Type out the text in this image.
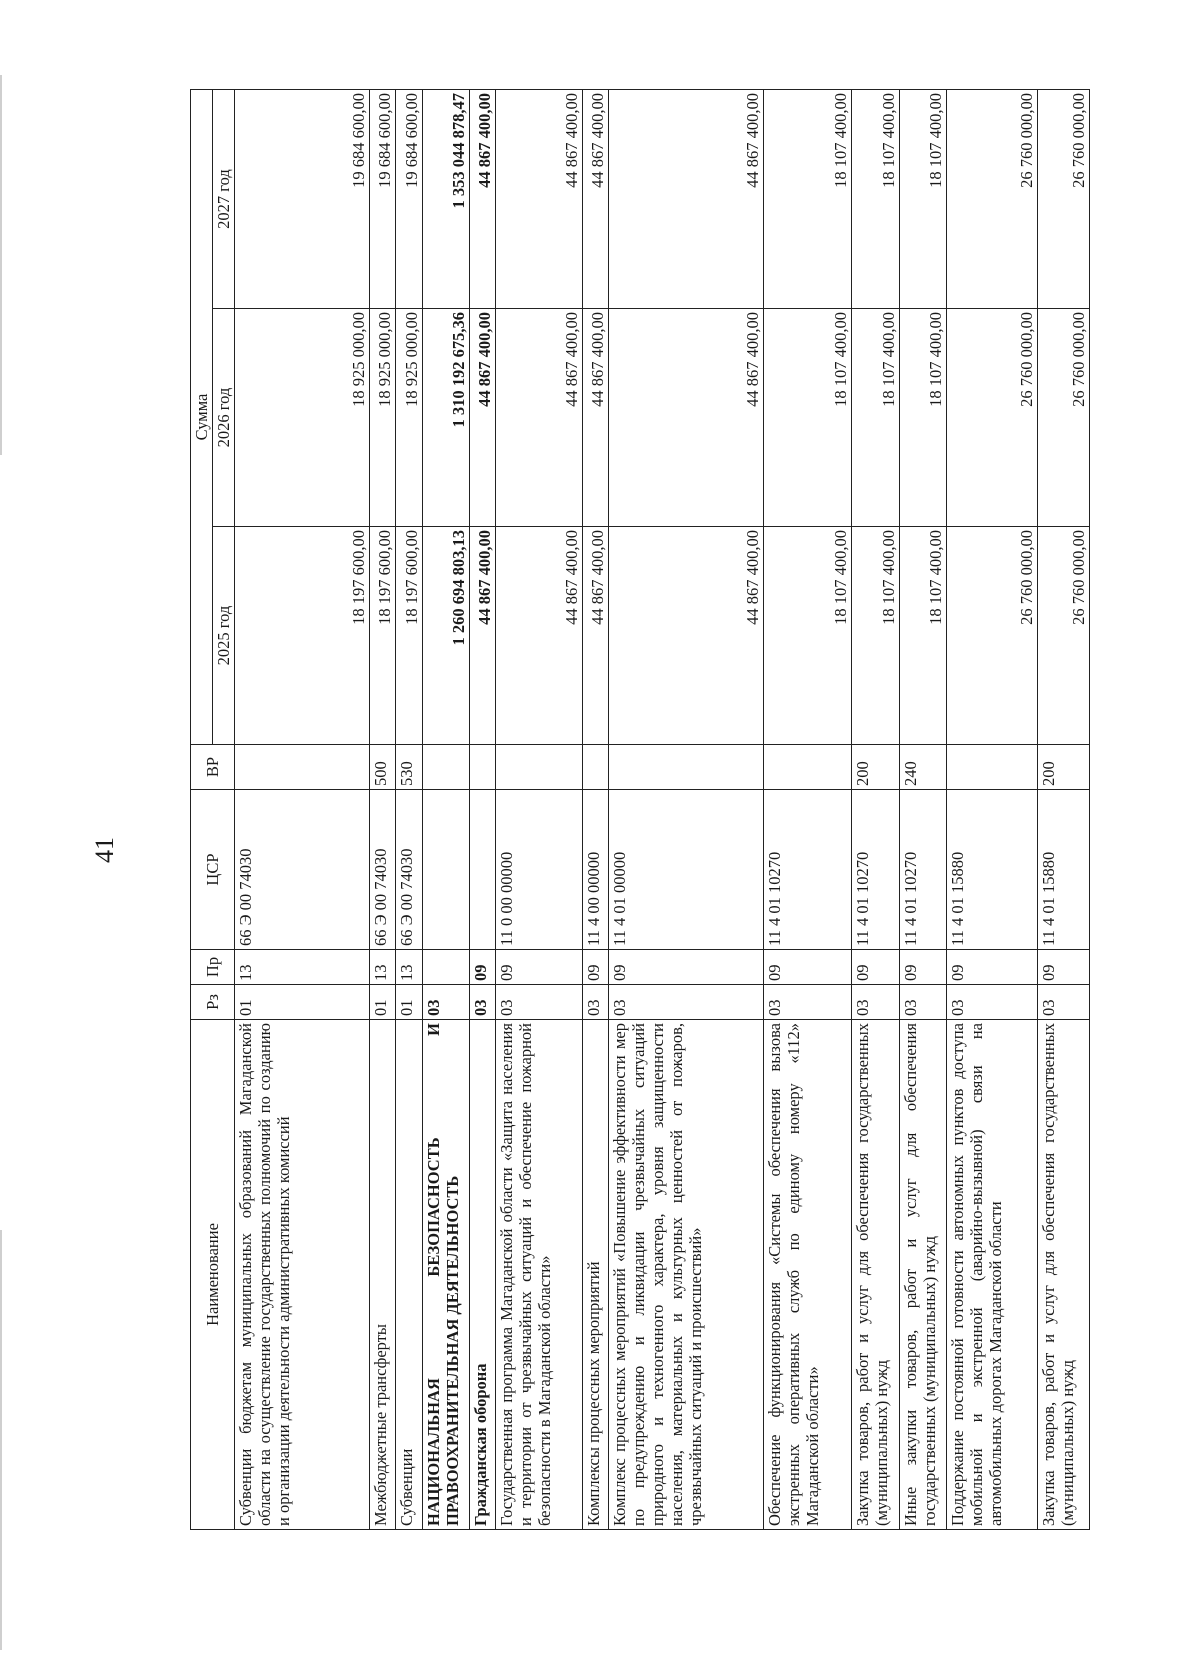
41
Наименование	Рз	Пр	ЦСР	ВР	Сумма		
					2025 год	2026 год	2027 год
Субвенции бюджетам муниципальных образований Магаданской области на осуществление государственных полномочий по созданию и организации деятельности административных комиссий	01	13	66 Э 00 74030		18 197 600,00	18 925 000,00	19 684 600,00
Межбюджетные трансферты	01	13	66 Э 00 74030	500	18 197 600,00	18 925 000,00	19 684 600,00
Субвенции	01	13	66 Э 00 74030	530	18 197 600,00	18 925 000,00	19 684 600,00
НАЦИОНАЛЬНАЯ БЕЗОПАСНОСТЬ И ПРАВООХРАНИТЕЛЬНАЯ ДЕЯТЕЛЬНОСТЬ	03				1 260 694 803,13	1 310 192 675,36	1 353 044 878,47
Гражданская оборона	03	09			44 867 400,00	44 867 400,00	44 867 400,00
Государственная программа Магаданской области «Защита населения и территории от чрезвычайных ситуаций и обеспечение пожарной безопасности в Магаданской области»	03	09	11 0 00 00000		44 867 400,00	44 867 400,00	44 867 400,00
Комплексы процессных мероприятий	03	09	11 4 00 00000		44 867 400,00	44 867 400,00	44 867 400,00
Комплекс процессных мероприятий «Повышение эффективности мер по предупреждению и ликвидации чрезвычайных ситуаций природного и техногенного характера, уровня защищенности населения, материальных и культурных ценностей от пожаров, чрезвычайных ситуаций и происшествий»	03	09	11 4 01 00000		44 867 400,00	44 867 400,00	44 867 400,00
Обеспечение функционирования «Системы обеспечения вызова экстренных оперативных служб по единому номеру «112» Магаданской области»	03	09	11 4 01 10270		18 107 400,00	18 107 400,00	18 107 400,00
Закупка товаров, работ и услуг для обеспечения государственных (муниципальных) нужд	03	09	11 4 01 10270	200	18 107 400,00	18 107 400,00	18 107 400,00
Иные закупки товаров, работ и услуг для обеспечения государственных (муниципальных) нужд	03	09	11 4 01 10270	240	18 107 400,00	18 107 400,00	18 107 400,00
Поддержание постоянной готовности автономных пунктов доступа мобильной и экстренной (аварийно-вызывной) связи на автомобильных дорогах Магаданской области	03	09	11 4 01 15880		26 760 000,00	26 760 000,00	26 760 000,00
Закупка товаров, работ и услуг для обеспечения государственных (муниципальных) нужд	03	09	11 4 01 15880	200	26 760 000,00	26 760 000,00	26 760 000,00
